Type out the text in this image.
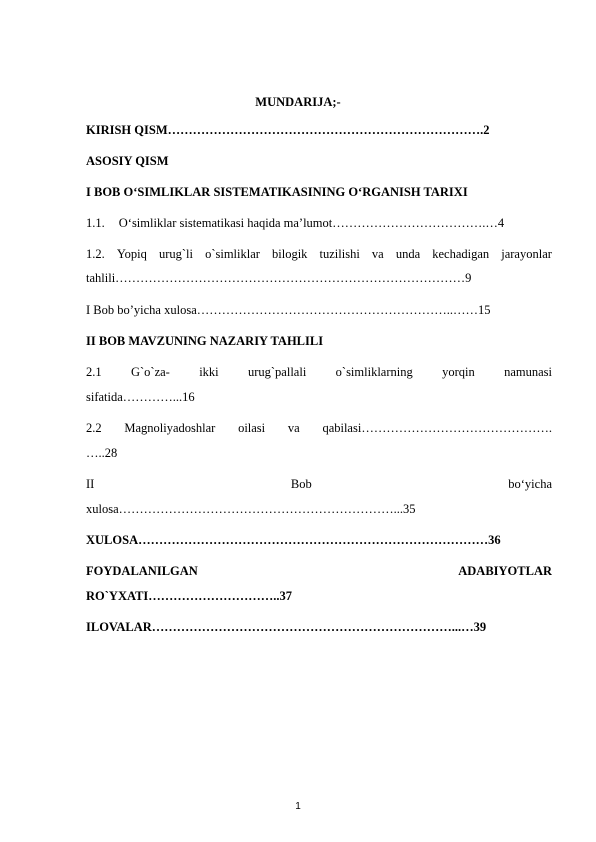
MUNDARIJA;-
KIRISH QISM………………………………………………………………….2
ASOSIY QISM
I BOB O‘SIMLIKLAR SISTEMATIKASINING O‘RGANISH TARIXI
1.1. O‘simliklar sistematikasi haqida ma’lumot……………………………….…4
1.2. Yopiq urug`li o`simliklar bilogik tuzilishi va unda kechadigan jarayonlar
tahlili…………………………………………………………………………9
I Bob bo’yicha xulosa……………………………………………………..……15
II BOB MAVZUNING NAZARIY TAHLILI
2.1 G`o`za- ikki urug`pallali o`simliklarning yorqin namunasi
sifatida…………...16
2.2 Magnoliyadoshlar oilasi va qabilasi……………………………………….
…..28
II	Bob	bo‘yicha
xulosa…………………………………………………………...35
XULOSA…………………………………………………………………………36
FOYDALANILGAN	ADABIYOTLAR
RO`YXATI…………………………..37
ILOVALAR………………………………………………………………...…39
1
